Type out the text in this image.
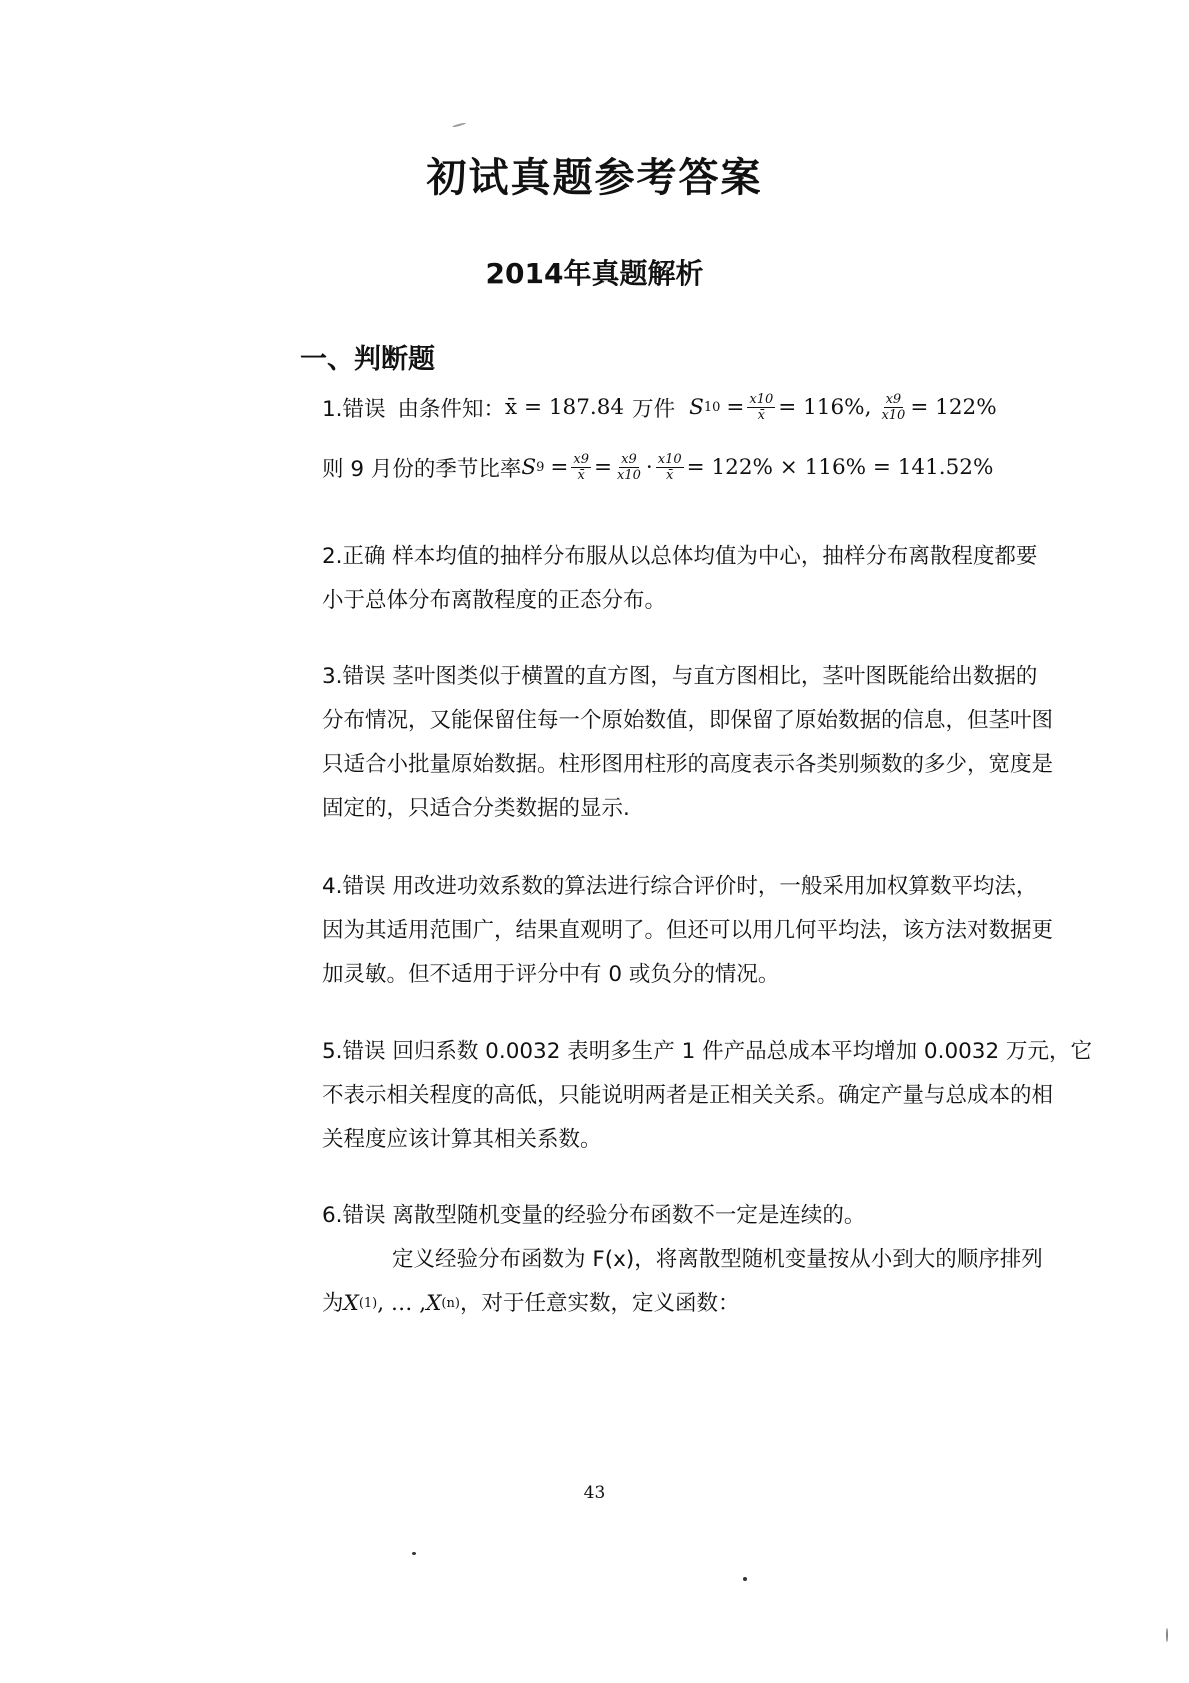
初试真题参考答案
2014年真题解析
一、判断题
1.错误 由条件知： x̄ = 187.84 万件 S $10 = \frac{x10}{x̄} = 116\%$ , $\frac{x9}{x10} = 122\%$
则 9 月份的季节比率 S $9 = \frac{x9}{x̄} = \frac{x9}{x10} \cdot \frac{x10}{x̄} = 122\% \times 116\% = 141.52\%$
2.正确 样本均值的抽样分布服从以总体均值为中心，抽样分布离散程度都要
小于总体分布离散程度的正态分布。
3.错误 茎叶图类似于横置的直方图，与直方图相比，茎叶图既能给出数据的
分布情况，又能保留住每一个原始数值，即保留了原始数据的信息，但茎叶图
只适合小批量原始数据。柱形图用柱形的高度表示各类别频数的多少，宽度是
固定的，只适合分类数据的显示.
4.错误 用改进功效系数的算法进行综合评价时，一般采用加权算数平均法，
因为其适用范围广，结果直观明了。但还可以用几何平均法，该方法对数据更
加灵敏。但不适用于评分中有 0 或负分的情况。
5.错误 回归系数 0.0032 表明多生产 1 件产品总成本平均增加 0.0032 万元，它
不表示相关程度的高低，只能说明两者是正相关关系。确定产量与总成本的相
关程度应该计算其相关系数。
6.错误 离散型随机变量的经验分布函数不一定是连续的。
定义经验分布函数为 F(x)，将离散型随机变量按从小到大的顺序排列
为 X (1) , … , X (n) ，对于任意实数，定义函数：
43
